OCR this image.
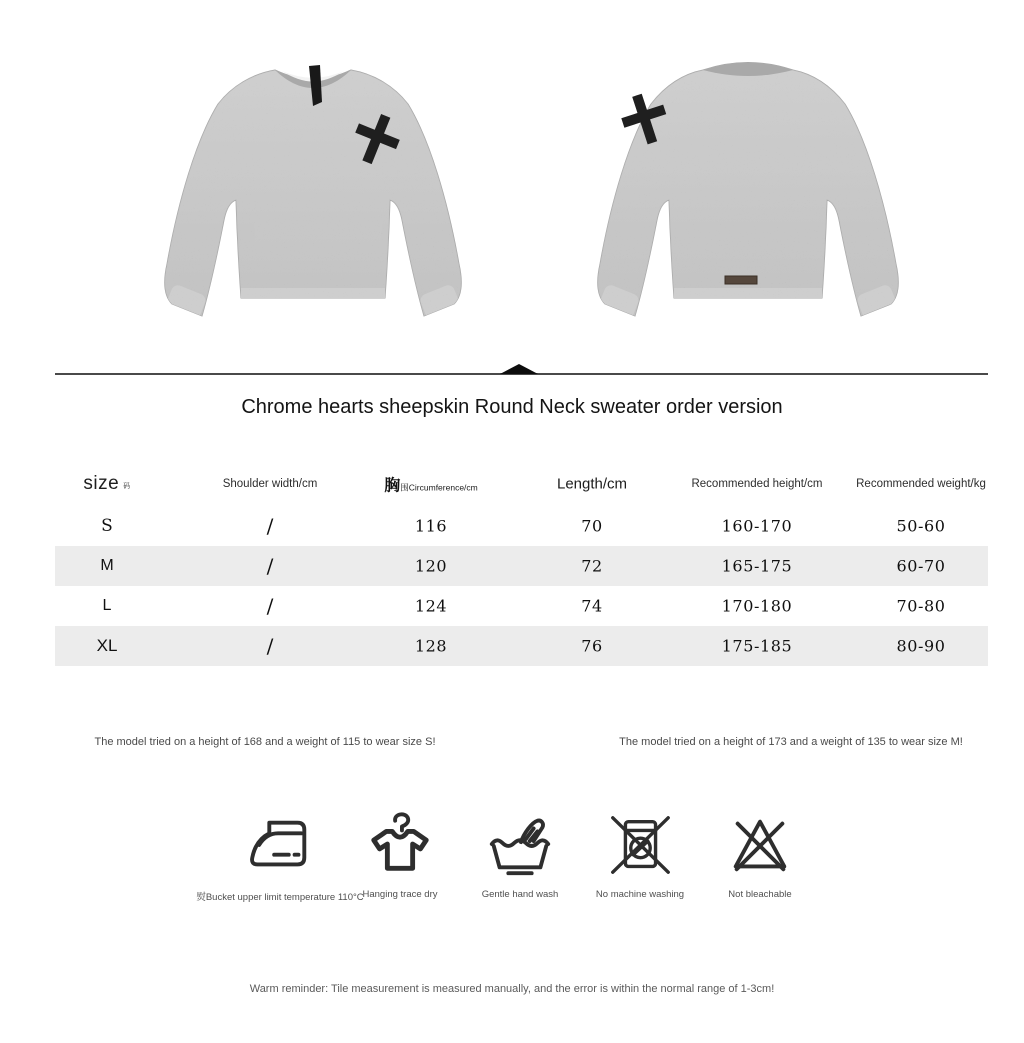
Chrome hearts sheepskin Round Neck sweater order version
size 码	Shoulder width/cm	胸围Circumference/cm	Length/cm	Recommended height/cm	Recommended weight/kg
S	/	116	70	160-170	50-60
M	/	120	72	165-175	60-70
L	/	124	74	170-180	70-80
XL	/	128	76	175-185	80-90
The model tried on a height of 168 and a weight of 115 to wear size S!	The model tried on a height of 173 and a weight of 135 to wear size M!
熨Bucket upper limit temperature 110°C
Hanging trace dry	Gentle hand wash	No machine washing	Not bleachable
Warm reminder: Tile measurement is measured manually, and the error is within the normal range of 1-3cm!
